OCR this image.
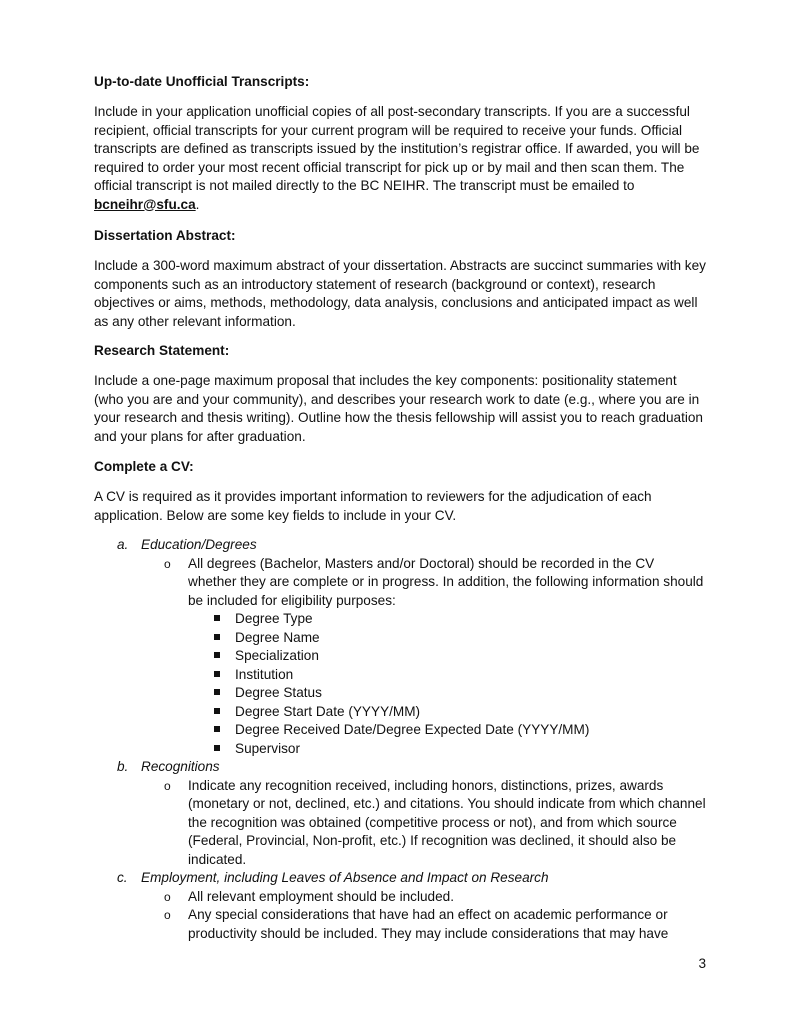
Up-to-date Unofficial Transcripts:

Include in your application unofficial copies of all post-secondary transcripts. If you are a successful recipient, official transcripts for your current program will be required to receive your funds. Official transcripts are defined as transcripts issued by the institution’s registrar office. If awarded, you will be required to order your most recent official transcript for pick up or by mail and then scan them. The official transcript is not mailed directly to the BC NEIHR. The transcript must be emailed to bcneihr@sfu.ca.

Dissertation Abstract:

Include a 300-word maximum abstract of your dissertation. Abstracts are succinct summaries with key components such as an introductory statement of research (background or context), research objectives or aims, methods, methodology, data analysis, conclusions and anticipated impact as well as any other relevant information.

Research Statement:

Include a one-page maximum proposal that includes the key components: positionality statement (who you are and your community), and describes your research work to date (e.g., where you are in your research and thesis writing). Outline how the thesis fellowship will assist you to reach graduation and your plans for after graduation.

Complete a CV:

A CV is required as it provides important information to reviewers for the adjudication of each application. Below are some key fields to include in your CV.

a. Education/Degrees
o All degrees (Bachelor, Masters and/or Doctoral) should be recorded in the CV whether they are complete or in progress. In addition, the following information should be included for eligibility purposes:
Degree Type
Degree Name
Specialization
Institution
Degree Status
Degree Start Date (YYYY/MM)
Degree Received Date/Degree Expected Date (YYYY/MM)
Supervisor
b. Recognitions
o Indicate any recognition received, including honors, distinctions, prizes, awards (monetary or not, declined, etc.) and citations. You should indicate from which channel the recognition was obtained (competitive process or not), and from which source (Federal, Provincial, Non-profit, etc.) If recognition was declined, it should also be indicated.
c. Employment, including Leaves of Absence and Impact on Research
o All relevant employment should be included.
o Any special considerations that have had an effect on academic performance or productivity should be included. They may include considerations that may have
3
